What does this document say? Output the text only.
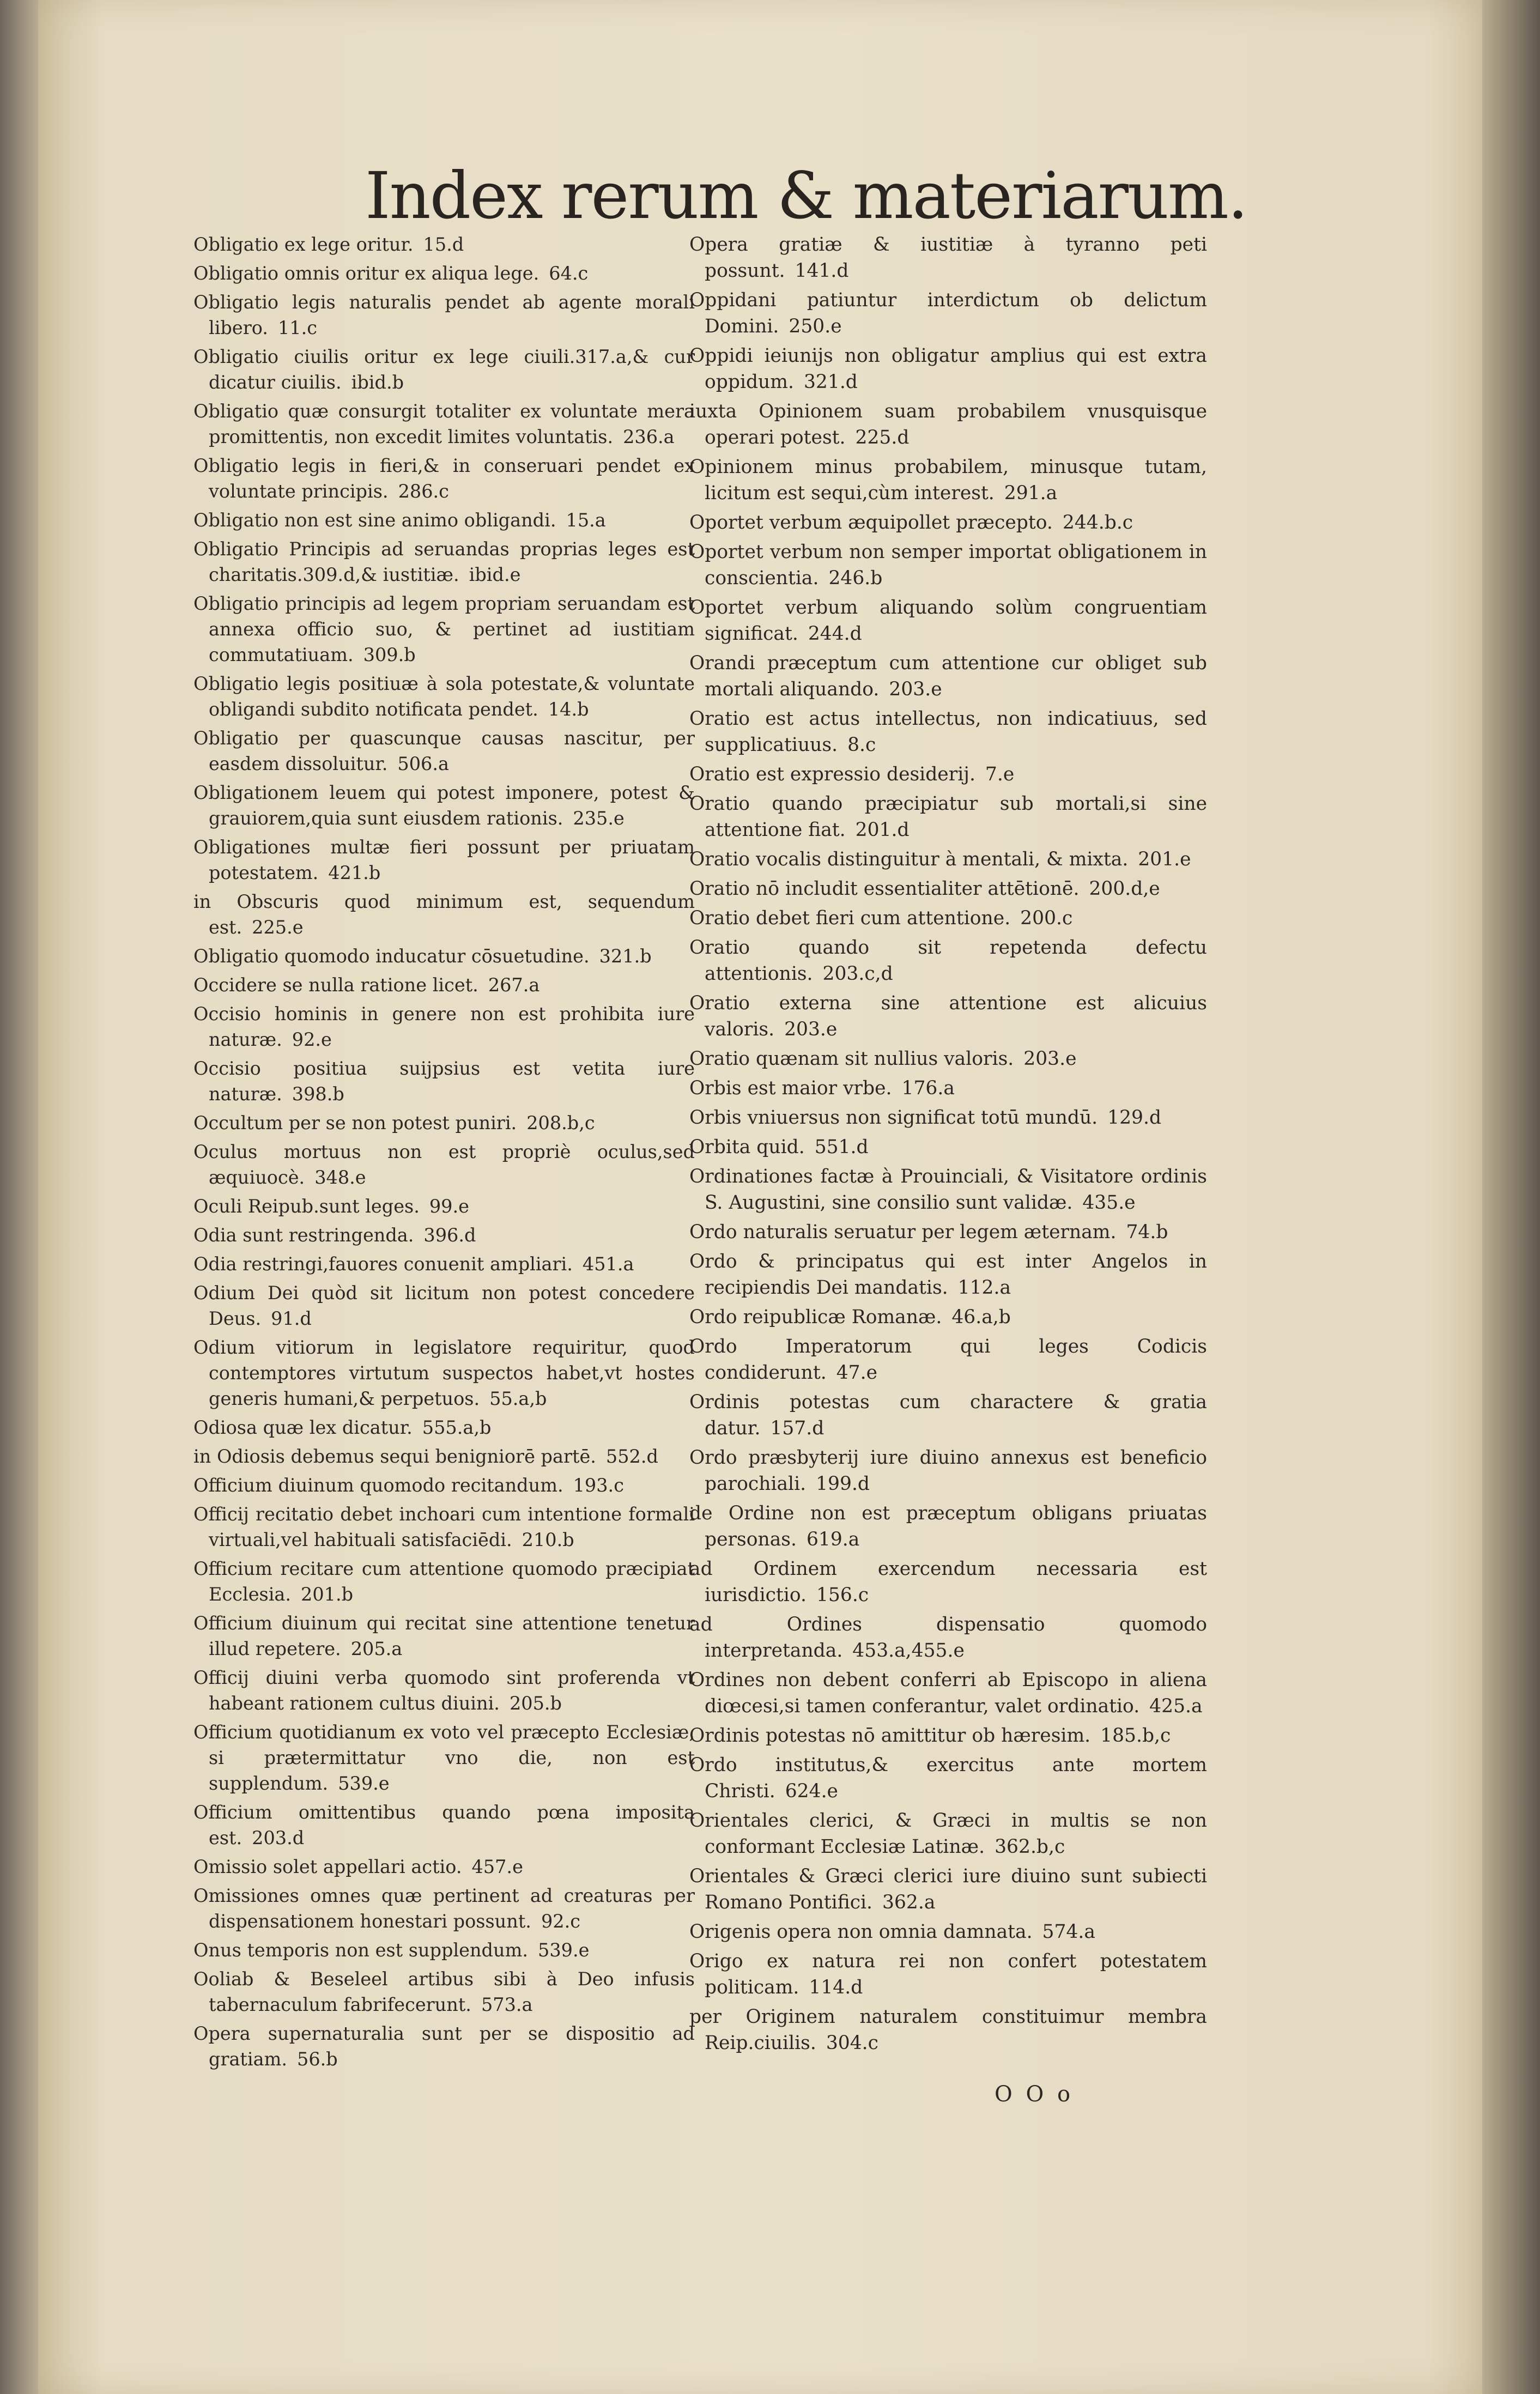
Index rerum & materiarum.
Obligatio ex lege oritur. 15.d
Obligatio omnis oritur ex aliqua lege. 64.c
Obligatio legis naturalis pendet ab agente morali libero. 11.c
Obligatio ciuilis oritur ex lege ciuili.317.a,& cur dicatur ciuilis. ibid.b
Obligatio quæ consurgit totaliter ex voluntate mera promittentis, non excedit limites voluntatis. 236.a
Obligatio legis in fieri,& in conseruari pendet ex voluntate principis. 286.c
Obligatio non est sine animo obligandi. 15.a
Obligatio Principis ad seruandas proprias leges est charitatis.309.d,& iustitiæ. ibid.e
Obligatio principis ad legem propriam seruandam est annexa officio suo, & pertinet ad iustitiam commutatiuam. 309.b
Obligatio legis positiuæ à sola potestate,& voluntate obligandi subdito notificata pendet. 14.b
Obligatio per quascunque causas nascitur, per easdem dissoluitur. 506.a
Obligationem leuem qui potest imponere, potest & grauiorem,quia sunt eiusdem rationis. 235.e
Obligationes multæ fieri possunt per priuatam potestatem. 421.b
in Obscuris quod minimum est, sequendum est. 225.e
Obligatio quomodo inducatur cōsuetudine. 321.b
Occidere se nulla ratione licet. 267.a
Occisio hominis in genere non est prohibita iure naturæ. 92.e
Occisio positiua suijpsius est vetita iure naturæ. 398.b
Occultum per se non potest puniri. 208.b,c
Oculus mortuus non est propriè oculus,sed æquiuocè. 348.e
Oculi Reipub.sunt leges. 99.e
Odia sunt restringenda. 396.d
Odia restringi,fauores conuenit ampliari. 451.a
Odium Dei quòd sit licitum non potest concedere Deus. 91.d
Odium vitiorum in legislatore requiritur, quod contemptores virtutum suspectos habet,vt hostes generis humani,& perpetuos. 55.a,b
Odiosa quæ lex dicatur. 555.a,b
in Odiosis debemus sequi benigniorē partē. 552.d
Officium diuinum quomodo recitandum. 193.c
Officij recitatio debet inchoari cum intentione formali virtuali,vel habituali satisfaciēdi. 210.b
Officium recitare cum attentione quomodo præcipiat Ecclesia. 201.b
Officium diuinum qui recitat sine attentione tenetur illud repetere. 205.a
Officij diuini verba quomodo sint proferenda vt habeant rationem cultus diuini. 205.b
Officium quotidianum ex voto vel præcepto Ecclesiæ, si prætermittatur vno die, non est supplendum. 539.e
Officium omittentibus quando pœna imposita est. 203.d
Omissio solet appellari actio. 457.e
Omissiones omnes quæ pertinent ad creaturas per dispensationem honestari possunt. 92.c
Onus temporis non est supplendum. 539.e
Ooliab & Beseleel artibus sibi à Deo infusis tabernaculum fabrifecerunt. 573.a
Opera supernaturalia sunt per se dispositio ad gratiam. 56.b
Opera gratiæ & iustitiæ à tyranno peti possunt. 141.d
Oppidani patiuntur interdictum ob delictum Domini. 250.e
Oppidi ieiunijs non obligatur amplius qui est extra oppidum. 321.d
iuxta Opinionem suam probabilem vnusquisque operari potest. 225.d
Opinionem minus probabilem, minusque tutam, licitum est sequi,cùm interest. 291.a
Oportet verbum æquipollet præcepto. 244.b.c
Oportet verbum non semper importat obligationem in conscientia. 246.b
Oportet verbum aliquando solùm congruentiam significat. 244.d
Orandi præceptum cum attentione cur obliget sub mortali aliquando. 203.e
Oratio est actus intellectus, non indicatiuus, sed supplicatiuus. 8.c
Oratio est expressio desiderij. 7.e
Oratio quando præcipiatur sub mortali,si sine attentione fiat. 201.d
Oratio vocalis distinguitur à mentali, & mixta. 201.e
Oratio nō includit essentialiter attētionē. 200.d,e
Oratio debet fieri cum attentione. 200.c
Oratio quando sit repetenda defectu attentionis. 203.c,d
Oratio externa sine attentione est alicuius valoris. 203.e
Oratio quænam sit nullius valoris. 203.e
Orbis est maior vrbe. 176.a
Orbis vniuersus non significat totū mundū. 129.d
Orbita quid. 551.d
Ordinationes factæ à Prouinciali, & Visitatore ordinis S. Augustini, sine consilio sunt validæ. 435.e
Ordo naturalis seruatur per legem æternam. 74.b
Ordo & principatus qui est inter Angelos in recipiendis Dei mandatis. 112.a
Ordo reipublicæ Romanæ. 46.a,b
Ordo Imperatorum qui leges Codicis condiderunt. 47.e
Ordinis potestas cum charactere & gratia datur. 157.d
Ordo præsbyterij iure diuino annexus est beneficio parochiali. 199.d
de Ordine non est præceptum obligans priuatas personas. 619.a
ad Ordinem exercendum necessaria est iurisdictio. 156.c
ad Ordines dispensatio quomodo interpretanda. 453.a,455.e
Ordines non debent conferri ab Episcopo in aliena diœcesi,si tamen conferantur, valet ordinatio. 425.a
Ordinis potestas nō amittitur ob hæresim. 185.b,c
Ordo institutus,& exercitus ante mortem Christi. 624.e
Orientales clerici, & Græci in multis se non conformant Ecclesiæ Latinæ. 362.b,c
Orientales & Græci clerici iure diuino sunt subiecti Romano Pontifici. 362.a
Origenis opera non omnia damnata. 574.a
Origo ex natura rei non confert potestatem politicam. 114.d
per Originem naturalem constituimur membra Reip.ciuilis. 304.c
O O o
